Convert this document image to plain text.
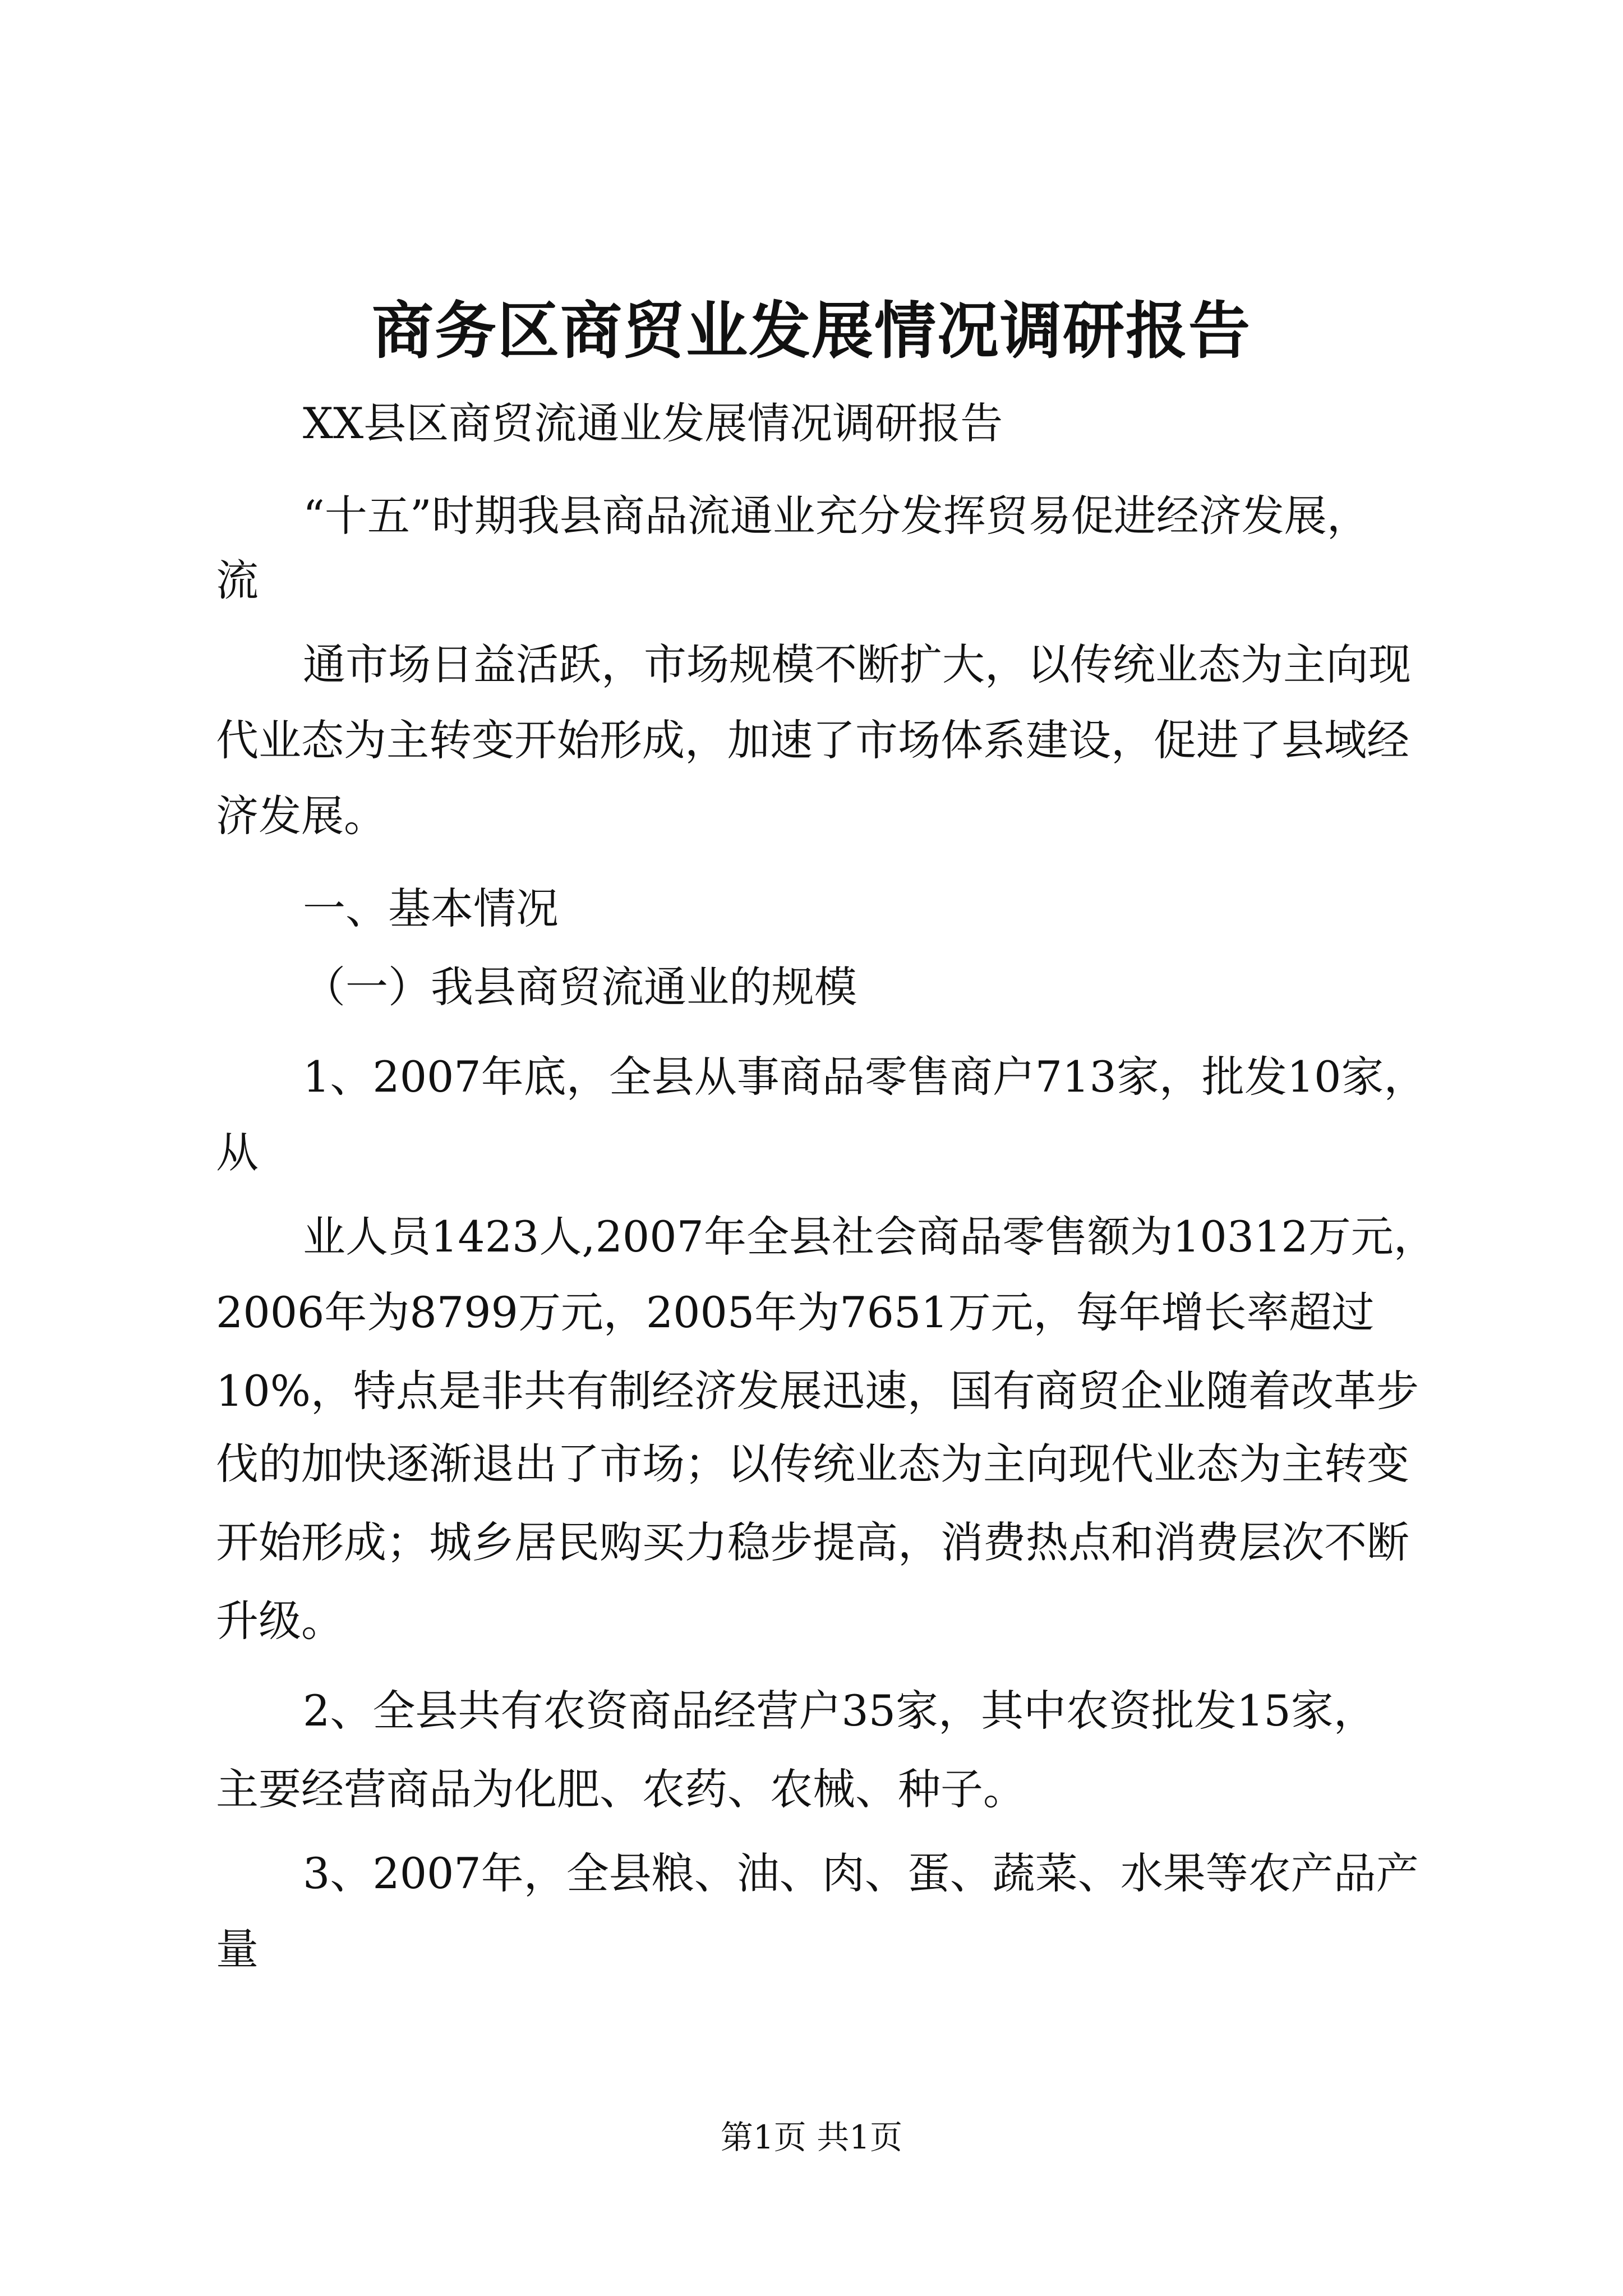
商务区商贸业发展情况调研报告
XX县区商贸流通业发展情况调研报告
“十五”时期我县商品流通业充分发挥贸易促进经济发展，
流
通市场日益活跃，市场规模不断扩大，以传统业态为主向现
代业态为主转变开始形成，加速了市场体系建设，促进了县域经
济发展。
一、基本情况
（一）我县商贸流通业的规模
1、2007年底，全县从事商品零售商户713家，批发10家，
从
业人员1423人,2007年全县社会商品零售额为10312万元，
2006年为8799万元，2005年为7651万元，每年增长率超过
10%，特点是非共有制经济发展迅速，国有商贸企业随着改革步
伐的加快逐渐退出了市场；以传统业态为主向现代业态为主转变
开始形成；城乡居民购买力稳步提高，消费热点和消费层次不断
升级。
2、全县共有农资商品经营户35家，其中农资批发15家，
主要经营商品为化肥、农药、农械、种子。
3、2007年，全县粮、油、肉、蛋、蔬菜、水果等农产品产
量
第1页 共1页
